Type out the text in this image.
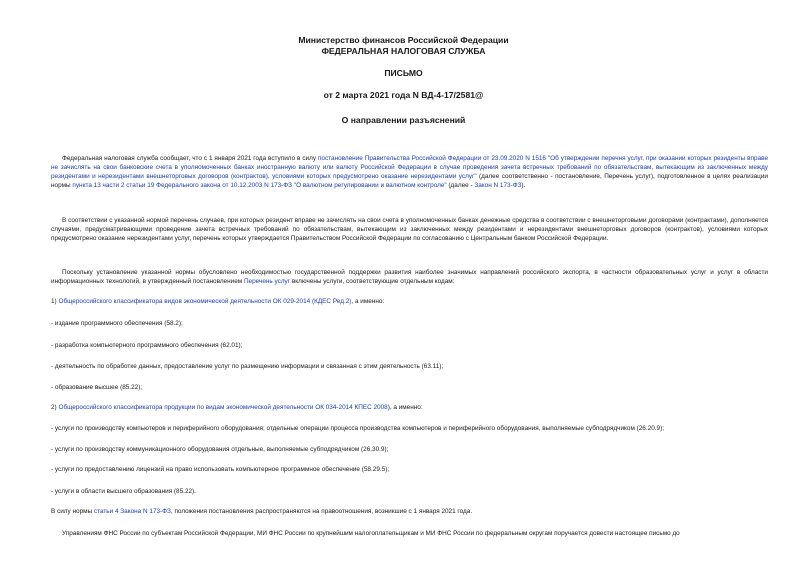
Министерство финансов Российской Федерации
ФЕДЕРАЛЬНАЯ НАЛОГОВАЯ СЛУЖБА
ПИСЬМО
от 2 марта 2021 года N ВД-4-17/2581@
О направлении разъяснений

Федеральная налоговая служба сообщает, что с 1 января 2021 года вступило в силу постановление Правительства Российской Федерации от 23.09.2020 N 1516 "Об утверждении перечня услуг, при оказании которых резиденты вправе не зачислять на свои банковские счета в уполномоченных банках иностранную валюту или валюту Российской Федерации в случае проведения зачета встречных требований по обязательствам, вытекающим из заключенных между резидентами и нерезидентами внешнеторговых договоров (контрактов), условиями которых предусмотрено оказание нерезидентами услуг" (далее соответственно - постановление, Перечень услуг), подготовленное в целях реализации нормы пункта 13 части 2 статьи 19 Федерального закона от 10.12.2003 N 173-ФЗ "О валютном регулировании и валютном контроле" (далее - Закон N 173-ФЗ).

В соответствии с указанной нормой перечень случаев, при которых резидент вправе не зачислять на свои счета в уполномоченных банках денежные средства в соответствии с внешнеторговыми договорами (контрактами), дополняется случаями, предусматривающими проведение зачета встречных требований по обязательствам, вытекающим из заключенных между резидентами и нерезидентами внешнеторговых договоров (контрактов), условиями которых предусмотрено оказание нерезидентами услуг, перечень которых утверждается Правительством Российской Федерации по согласованию с Центральным банком Российской Федерации.

Поскольку установление указанной нормы обусловлено необходимостью государственной поддержки развития наиболее значимых направлений российского экспорта, в частности образовательных услуг и услуг в области информационных технологий, в утвержденный постановлением Перечень услуг включены услуги, соответствующие отдельным кодам:

1) Общероссийского классификатора видов экономической деятельности ОК 029-2014 (КДЕС Ред.2), а именно:

- издание программного обеспечения (58.2);

- разработка компьютерного программного обеспечения (62.01);

- деятельность по обработке данных, предоставление услуг по размещению информации и связанная с этим деятельность (63.11);

- образование высшее (85.22);

2) Общероссийского классификатора продукции по видам экономической деятельности ОК 034-2014 КПЕС 2008), а именно:

- услуги по производству компьютеров и периферийного оборудования; отдельные операции процесса производства компьютеров и периферийного оборудования, выполняемые субподрядчиком (26.20.9);

- услуги по производству коммуникационного оборудования отдельные, выполняемые субподрядчиком (26.30.9);

- услуги по предоставлению лицензий на право использовать компьютерное программное обеспечение (58.29.5);

- услуги в области высшего образования (85.22).

В силу нормы статьи 4 Закона N 173-ФЗ, положения постановления распространяются на правоотношения, возникшие с 1 января 2021 года.

Управлениям ФНС России по субъектам Российской Федерации, МИ ФНС России по крупнейшим налогоплательщикам и МИ ФНС России по федеральным округам поручается довести настоящее письмо до
